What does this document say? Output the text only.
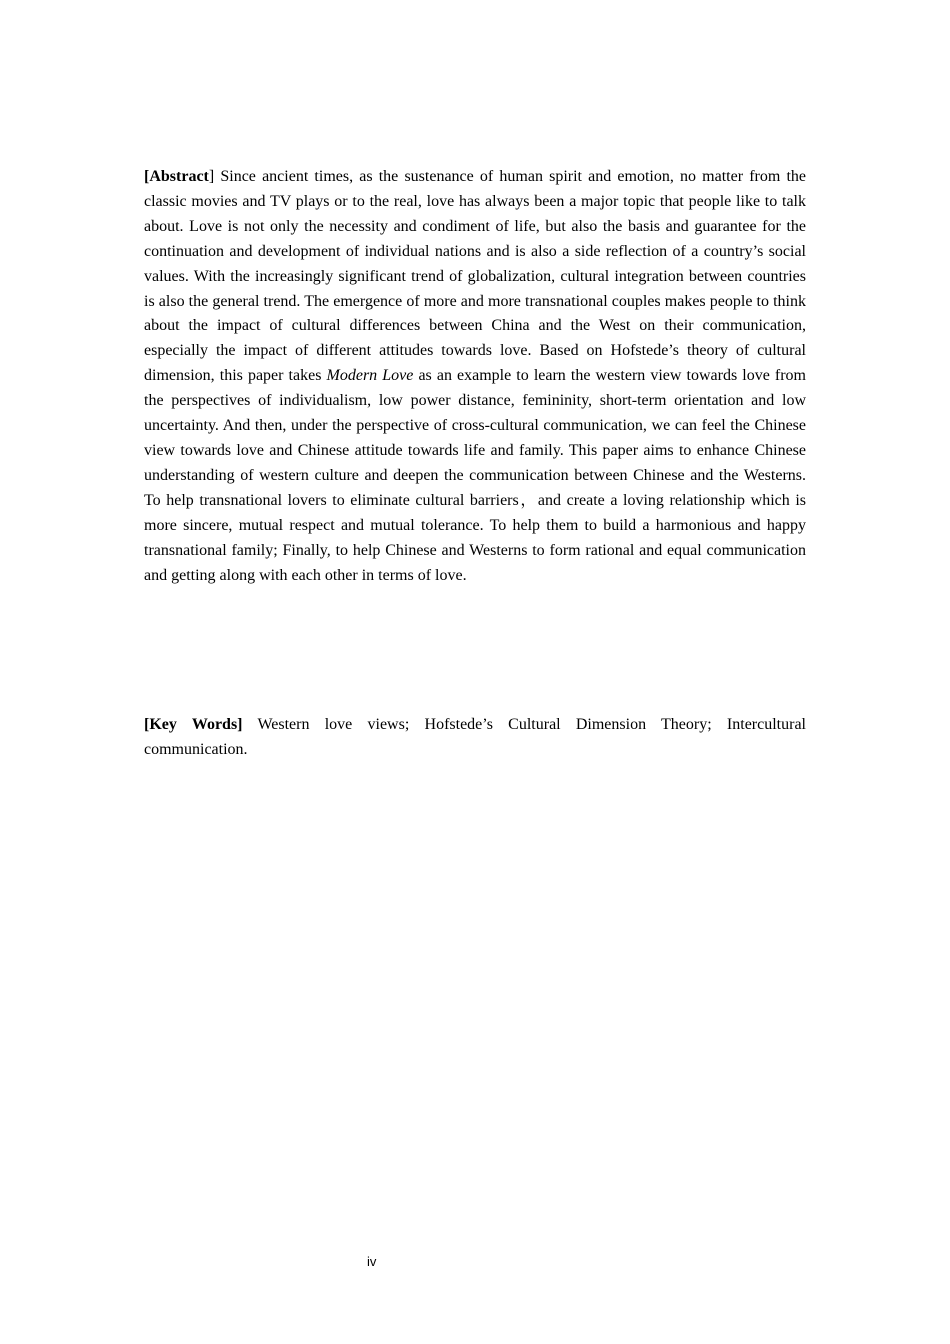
[Abstract] Since ancient times, as the sustenance of human spirit and emotion, no matter from the classic movies and TV plays or to the real, love has always been a major topic that people like to talk about. Love is not only the necessity and condiment of life, but also the basis and guarantee for the continuation and development of individual nations and is also a side reflection of a country’s social values. With the increasingly significant trend of globalization, cultural integration between countries is also the general trend. The emergence of more and more transnational couples makes people to think about the impact of cultural differences between China and the West on their communication, especially the impact of different attitudes towards love. Based on Hofstede’s theory of cultural dimension, this paper takes Modern Love as an example to learn the western view towards love from the perspectives of individualism, low power distance, femininity, short-term orientation and low uncertainty. And then, under the perspective of cross-cultural communication, we can feel the Chinese view towards love and Chinese attitude towards life and family. This paper aims to enhance Chinese understanding of western culture and deepen the communication between Chinese and the Westerns. To help transnational lovers to eliminate cultural barriers，and create a loving relationship which is more sincere, mutual respect and mutual tolerance. To help them to build a harmonious and happy transnational family; Finally, to help Chinese and Westerns to form rational and equal communication and getting along with each other in terms of love.

[Key Words] Western love views; Hofstede’s Cultural Dimension Theory; Intercultural communication.

iv
